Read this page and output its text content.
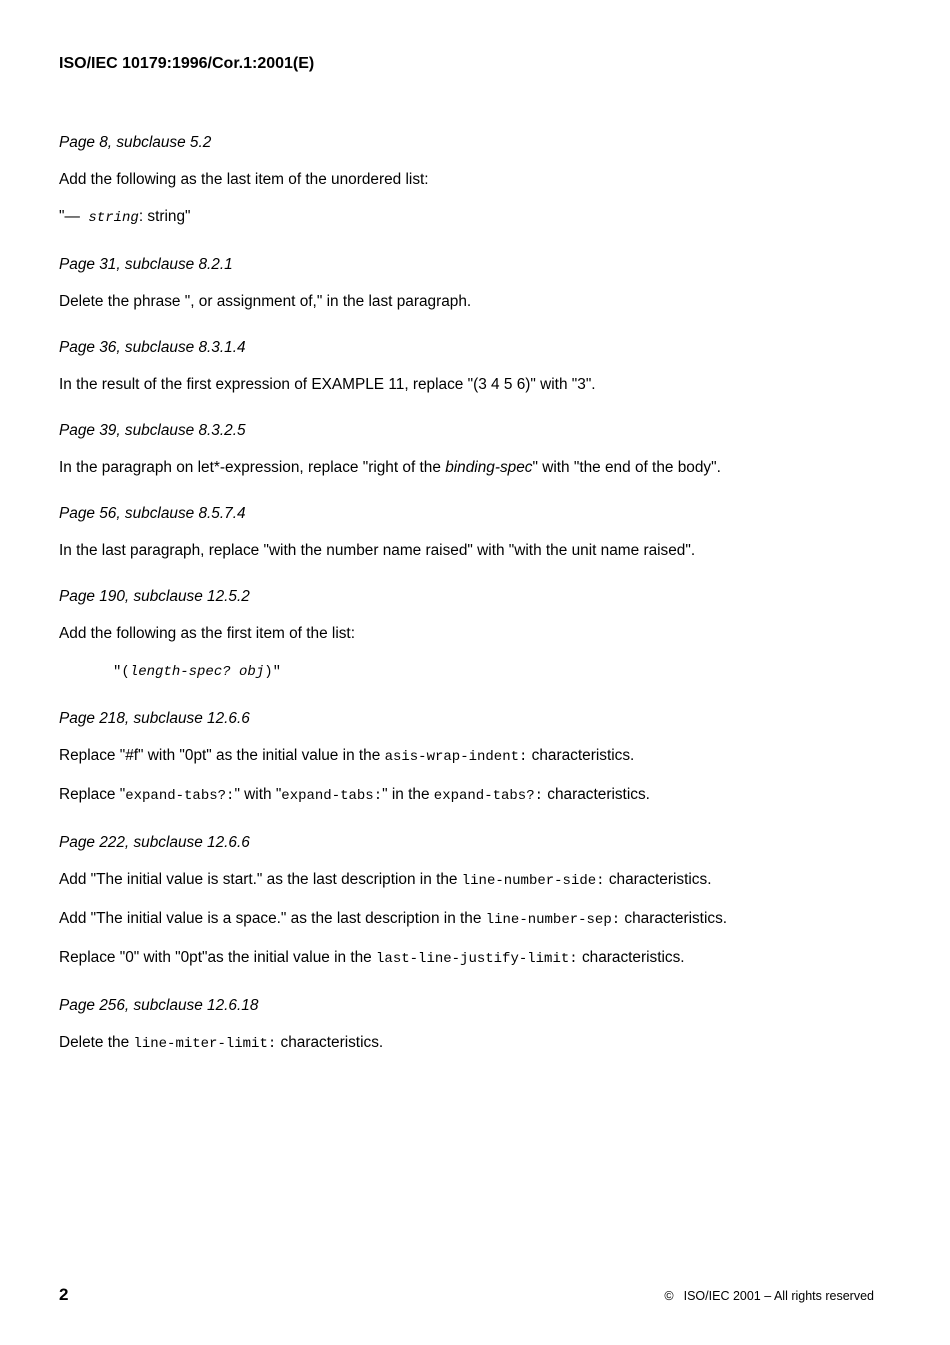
ISO/IEC 10179:1996/Cor.1:2001(E)
Page 8, subclause 5.2
Add the following as the last item of the unordered list:
"—  string: string"
Page 31, subclause 8.2.1
Delete the phrase ", or assignment of," in the last paragraph.
Page 36, subclause 8.3.1.4
In the result of the first expression of EXAMPLE 11, replace "(3 4 5 6)" with "3".
Page 39, subclause 8.3.2.5
In the paragraph on let*-expression, replace "right of the binding-spec" with "the end of the body".
Page 56, subclause 8.5.7.4
In the last paragraph, replace "with the number name raised" with "with the unit name raised".
Page 190, subclause 12.5.2
Add the following as the first item of the list:
"(length-spec? obj)"
Page 218, subclause 12.6.6
Replace "#f" with "0pt" as the initial value in the asis-wrap-indent: characteristics.
Replace "expand-tabs?:" with "expand-tabs:" in the expand-tabs?: characteristics.
Page 222, subclause 12.6.6
Add "The initial value is start." as the last description in the line-number-side: characteristics.
Add "The initial value is a space." as the last description in the line-number-sep: characteristics.
Replace "0" with "0pt"as the initial value in the last-line-justify-limit: characteristics.
Page 256, subclause 12.6.18
Delete the line-miter-limit: characteristics.
2	© ISO/IEC 2001 – All rights reserved
